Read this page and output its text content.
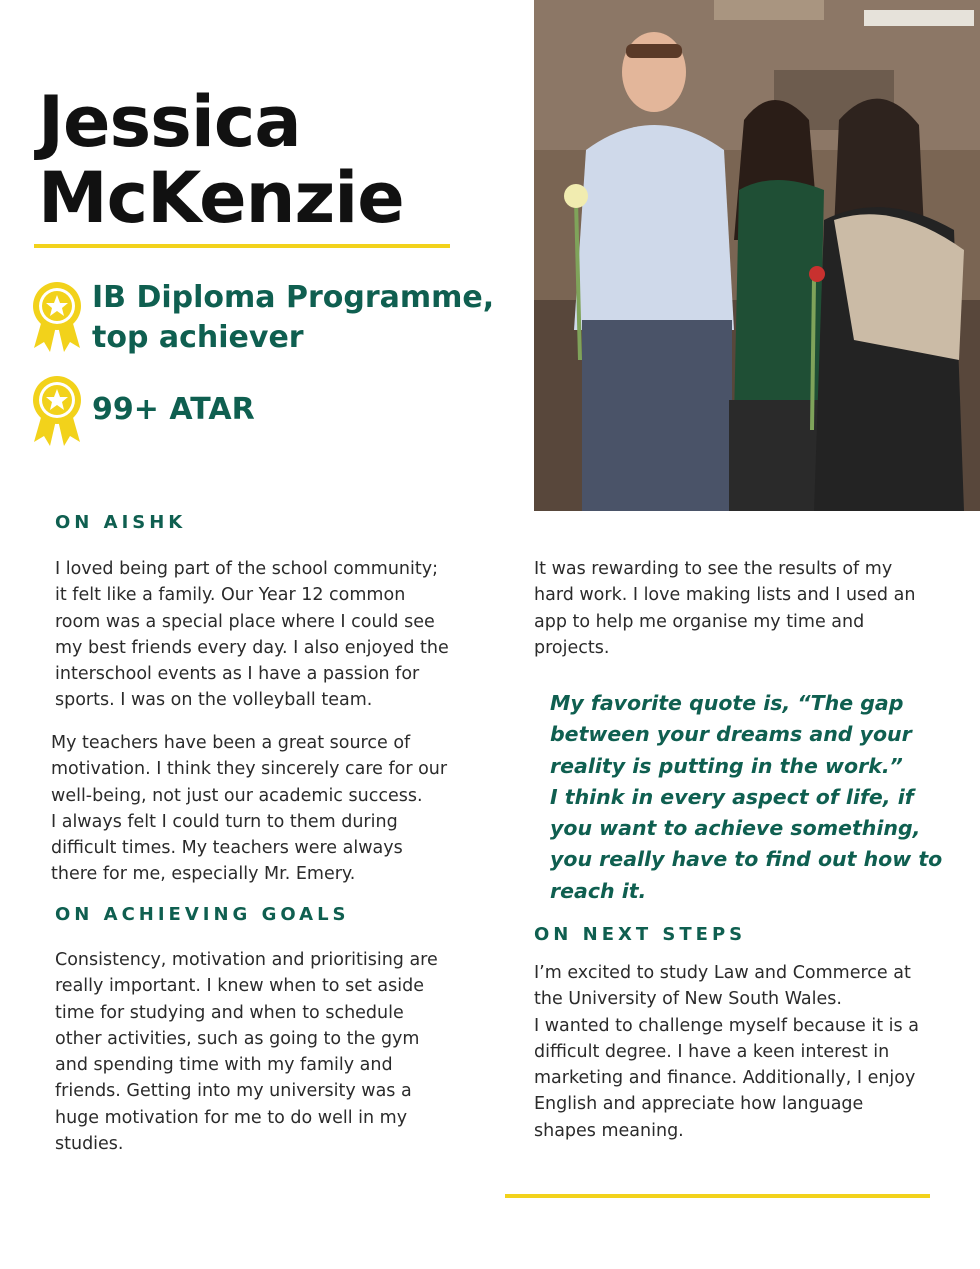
Jessica
McKenzie
IB Diploma Programme,
top achiever
99+ ATAR
ON AISHK
I loved being part of the school community;
it felt like a family. Our Year 12 common
room was a special place where I could see
my best friends every day. I also enjoyed the
interschool events as I have a passion for
sports. I was on the volleyball team.
My teachers have been a great source of
motivation. I think they sincerely care for our
well-being, not just our academic success.
I always felt I could turn to them during
difficult times. My teachers were always
there for me, especially Mr. Emery.
ON ACHIEVING GOALS
Consistency, motivation and prioritising are
really important. I knew when to set aside
time for studying and when to schedule
other activities, such as going to the gym
and spending time with my family and
friends. Getting into my university was a
huge motivation for me to do well in my
studies.
It was rewarding to see the results of my
hard work. I love making lists and I used an
app to help me organise my time and
projects.
My favorite quote is, “The gap
between your dreams and your
reality is putting in the work.”
I think in every aspect of life, if
you want to achieve something,
you really have to find out how to
reach it.
ON NEXT STEPS
I’m excited to study Law and Commerce at
the University of New South Wales.
I wanted to challenge myself because it is a
difficult degree. I have a keen interest in
marketing and finance. Additionally, I enjoy
English and appreciate how language
shapes meaning.
